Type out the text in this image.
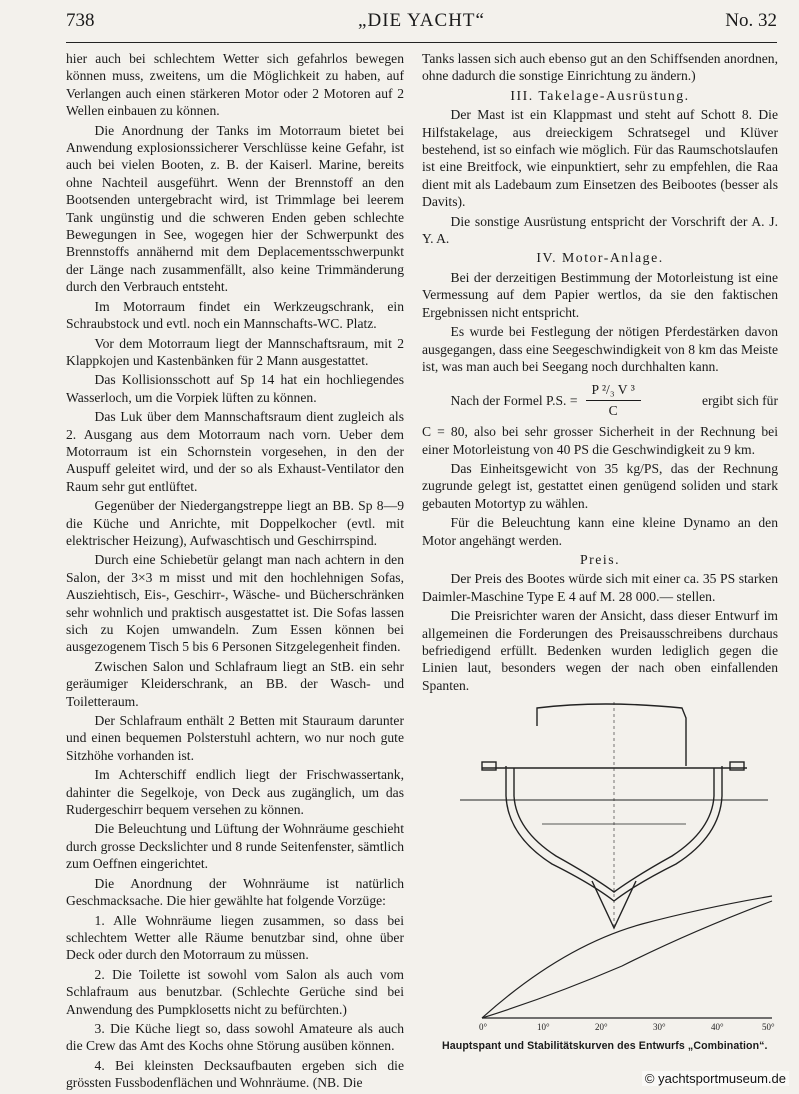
738	„DIE YACHT“	No. 32

hier auch bei schlechtem Wetter sich gefahrlos bewegen können muss, zweitens, um die Möglichkeit zu haben, auf Verlangen auch einen stärkeren Motor oder 2 Motoren auf 2 Wellen einbauen zu können.

Die Anordnung der Tanks im Motorraum bietet bei Anwendung explosionssicherer Verschlüsse keine Gefahr, ist auch bei vielen Booten, z. B. der Kaiserl. Marine, bereits ohne Nachteil ausgeführt. Wenn der Brennstoff an den Bootsenden untergebracht wird, ist Trimmlage bei leerem Tank ungünstig und die schweren Enden geben schlechte Bewegungen in See, wogegen hier der Schwerpunkt des Brennstoffs annähernd mit dem Deplacementsschwerpunkt der Länge nach zusammenfällt, also keine Trimmänderung durch den Verbrauch entsteht.

Im Motorraum findet ein Werkzeugschrank, ein Schraubstock und evtl. noch ein Mannschafts-WC. Platz.

Vor dem Motorraum liegt der Mannschaftsraum, mit 2 Klappkojen und Kastenbänken für 2 Mann ausgestattet.

Das Kollisionsschott auf Sp 14 hat ein hochliegendes Wasserloch, um die Vorpiek lüften zu können.

Das Luk über dem Mannschaftsraum dient zugleich als 2. Ausgang aus dem Motorraum nach vorn. Ueber dem Motorraum ist ein Schornstein vorgesehen, in den der Auspuff geleitet wird, und der so als Exhaust-Ventilator den Raum sehr gut entlüftet.

Gegenüber der Niedergangstreppe liegt an BB. Sp 8—9 die Küche und Anrichte, mit Doppelkocher (evtl. mit elektrischer Heizung), Aufwaschtisch und Geschirrspind.

Durch eine Schiebetür gelangt man nach achtern in den Salon, der 3×3 m misst und mit den hochlehnigen Sofas, Ausziehtisch, Eis-, Geschirr-, Wäsche- und Bücherschränken sehr wohnlich und praktisch ausgestattet ist. Die Sofas lassen sich zu Kojen umwandeln. Zum Essen können bei ausgezogenem Tisch 5 bis 6 Personen Sitzgelegenheit finden.

Zwischen Salon und Schlafraum liegt an StB. ein sehr geräumiger Kleiderschrank, an BB. der Wasch- und Toiletteraum.

Der Schlafraum enthält 2 Betten mit Stauraum darunter und einen bequemen Polsterstuhl achtern, wo nur noch gute Sitzhöhe vorhanden ist.

Im Achterschiff endlich liegt der Frischwassertank, dahinter die Segelkoje, von Deck aus zugänglich, um das Rudergeschirr bequem versehen zu können.

Die Beleuchtung und Lüftung der Wohnräume geschieht durch grosse Deckslichter und 8 runde Seitenfenster, sämtlich zum Oeffnen eingerichtet.

Die Anordnung der Wohnräume ist natürlich Geschmacksache. Die hier gewählte hat folgende Vorzüge:

1. Alle Wohnräume liegen zusammen, so dass bei schlechtem Wetter alle Räume benutzbar sind, ohne über Deck oder durch den Motorraum zu müssen.

2. Die Toilette ist sowohl vom Salon als auch vom Schlafraum aus benutzbar. (Schlechte Gerüche sind bei Anwendung des Pumpklosetts nicht zu befürchten.)

3. Die Küche liegt so, dass sowohl Amateure als auch die Crew das Amt des Kochs ohne Störung ausüben können.

4. Bei kleinsten Decksaufbauten ergeben sich die grössten Fussbodenflächen und Wohnräume. (NB. Die

Tanks lassen sich auch ebenso gut an den Schiffsenden anordnen, ohne dadurch die sonstige Einrichtung zu ändern.)

III. Takelage-Ausrüstung.

Der Mast ist ein Klappmast und steht auf Schott 8. Die Hilfstakelage, aus dreieckigem Schratsegel und Klüver bestehend, ist so einfach wie möglich. Für das Raumschotslaufen ist eine Breitfock, wie einpunktiert, sehr zu empfehlen, die Raa dient mit als Ladebaum zum Einsetzen des Beibootes (besser als Davits).

Die sonstige Ausrüstung entspricht der Vorschrift der A. J. Y. A.

IV. Motor-Anlage.

Bei der derzeitigen Bestimmung der Motorleistung ist eine Vermessung auf dem Papier wertlos, da sie den faktischen Ergebnissen nicht entspricht.

Es wurde bei Festlegung der nötigen Pferdestärken davon ausgegangen, dass eine Seegeschwindigkeit von 8 km das Meiste ist, was man auch bei Seegang noch durchhalten kann.

Nach der Formel P.S. = $\frac{\text{P ²/₃ V ³}}{C}$	ergibt sich für

C = 80, also bei sehr grosser Sicherheit in der Rechnung bei einer Motorleistung von 40 PS die Geschwindigkeit zu 9 km.

Das Einheitsgewicht von 35 kg/PS, das der Rechnung zugrunde gelegt ist, gestattet einen genügend soliden und stark gebauten Motortyp zu wählen.

Für die Beleuchtung kann eine kleine Dynamo an den Motor angehängt werden.

Preis.

Der Preis des Bootes würde sich mit einer ca. 35 PS starken Daimler-Maschine Type E 4 auf M. 28 000.— stellen.

Die Preisrichter waren der Ansicht, dass dieser Entwurf im allgemeinen die Forderungen des Preisausschreibens durchaus befriedigend erfüllt. Bedenken wurden lediglich gegen die Linien laut, besonders wegen der nach oben einfallenden Spanten.

0°	10°	20°	30°	40°	50°
Hauptspant und Stabilitätskurven des Entwurfs „Combination“.
© yachtsportmuseum.de
